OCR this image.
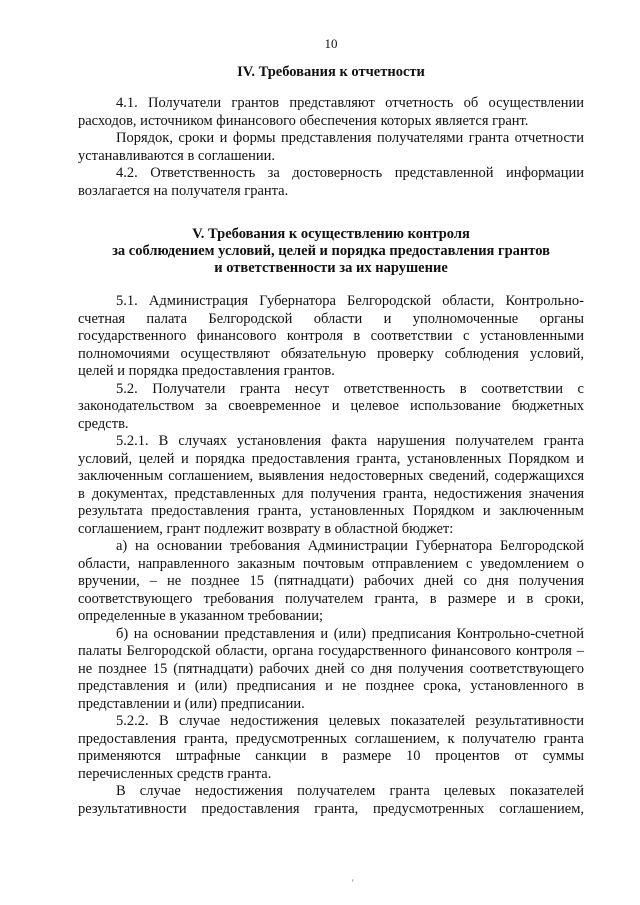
10
IV. Требования к отчетности

4.1. Получатели грантов представляют отчетность об осуществлении расходов, источником финансового обеспечения которых является грант.

Порядок, сроки и формы представления получателями гранта отчетности устанавливаются в соглашении.

4.2. Ответственность за достоверность представленной информации возлагается на получателя гранта.

V. Требования к осуществлению контроля
за соблюдением условий, целей и порядка предоставления грантов
и ответственности за их нарушение

5.1. Администрация Губернатора Белгородской области, Контрольно-счетная палата Белгородской области и уполномоченные органы государственного финансового контроля в соответствии с установленными полномочиями осуществляют обязательную проверку соблюдения условий, целей и порядка предоставления грантов.

5.2. Получатели гранта несут ответственность в соответствии с законодательством за своевременное и целевое использование бюджетных средств.

5.2.1. В случаях установления факта нарушения получателем гранта условий, целей и порядка предоставления гранта, установленных Порядком и заключенным соглашением, выявления недостоверных сведений, содержащихся в документах, представленных для получения гранта, недостижения значения результата предоставления гранта, установленных Порядком и заключенным соглашением, грант подлежит возврату в областной бюджет:

а) на основании требования Администрации Губернатора Белгородской области, направленного заказным почтовым отправлением с уведомлением о вручении, – не позднее 15 (пятнадцати) рабочих дней со дня получения соответствующего требования получателем гранта, в размере и в сроки, определенные в указанном требовании;

б) на основании представления и (или) предписания Контрольно-счетной палаты Белгородской области, органа государственного финансового контроля – не позднее 15 (пятнадцати) рабочих дней со дня получения соответствующего представления и (или) предписания и не позднее срока, установленного в представлении и (или) предписании.

5.2.2. В случае недостижения целевых показателей результативности предоставления гранта, предусмотренных соглашением, к получателю гранта применяются штрафные санкции в размере 10 процентов от суммы перечисленных средств гранта.

В случае недостижения получателем гранта целевых показателей результативности предоставления гранта, предусмотренных соглашением,

'
